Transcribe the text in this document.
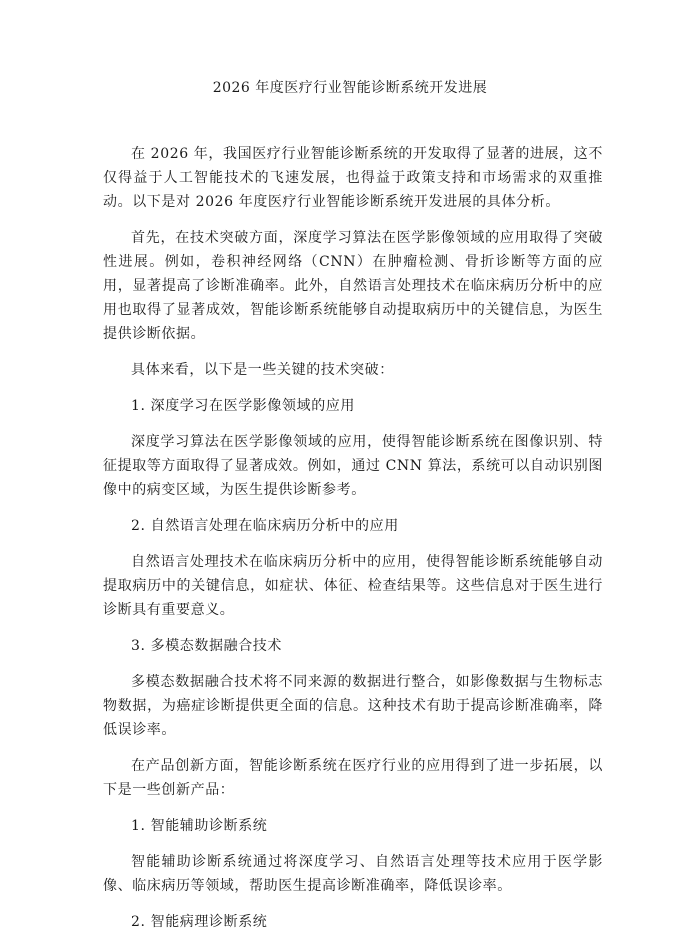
2026 年度医疗行业智能诊断系统开发进展

在 2026 年，我国医疗行业智能诊断系统的开发取得了显著的进展，这不仅得益于人工智能技术的飞速发展，也得益于政策支持和市场需求的双重推动。以下是对 2026 年度医疗行业智能诊断系统开发进展的具体分析。

首先，在技术突破方面，深度学习算法在医学影像领域的应用取得了突破性进展。例如，卷积神经网络（CNN）在肿瘤检测、骨折诊断等方面的应用，显著提高了诊断准确率。此外，自然语言处理技术在临床病历分析中的应用也取得了显著成效，智能诊断系统能够自动提取病历中的关键信息，为医生提供诊断依据。

具体来看，以下是一些关键的技术突破：

1. 深度学习在医学影像领域的应用

深度学习算法在医学影像领域的应用，使得智能诊断系统在图像识别、特征提取等方面取得了显著成效。例如，通过 CNN 算法，系统可以自动识别图像中的病变区域，为医生提供诊断参考。

2. 自然语言处理在临床病历分析中的应用

自然语言处理技术在临床病历分析中的应用，使得智能诊断系统能够自动提取病历中的关键信息，如症状、体征、检查结果等。这些信息对于医生进行诊断具有重要意义。

3. 多模态数据融合技术

多模态数据融合技术将不同来源的数据进行整合，如影像数据与生物标志物数据，为癌症诊断提供更全面的信息。这种技术有助于提高诊断准确率，降低误诊率。

在产品创新方面，智能诊断系统在医疗行业的应用得到了进一步拓展，以下是一些创新产品：

1. 智能辅助诊断系统

智能辅助诊断系统通过将深度学习、自然语言处理等技术应用于医学影像、临床病历等领域，帮助医生提高诊断准确率，降低误诊率。

2. 智能病理诊断系统
